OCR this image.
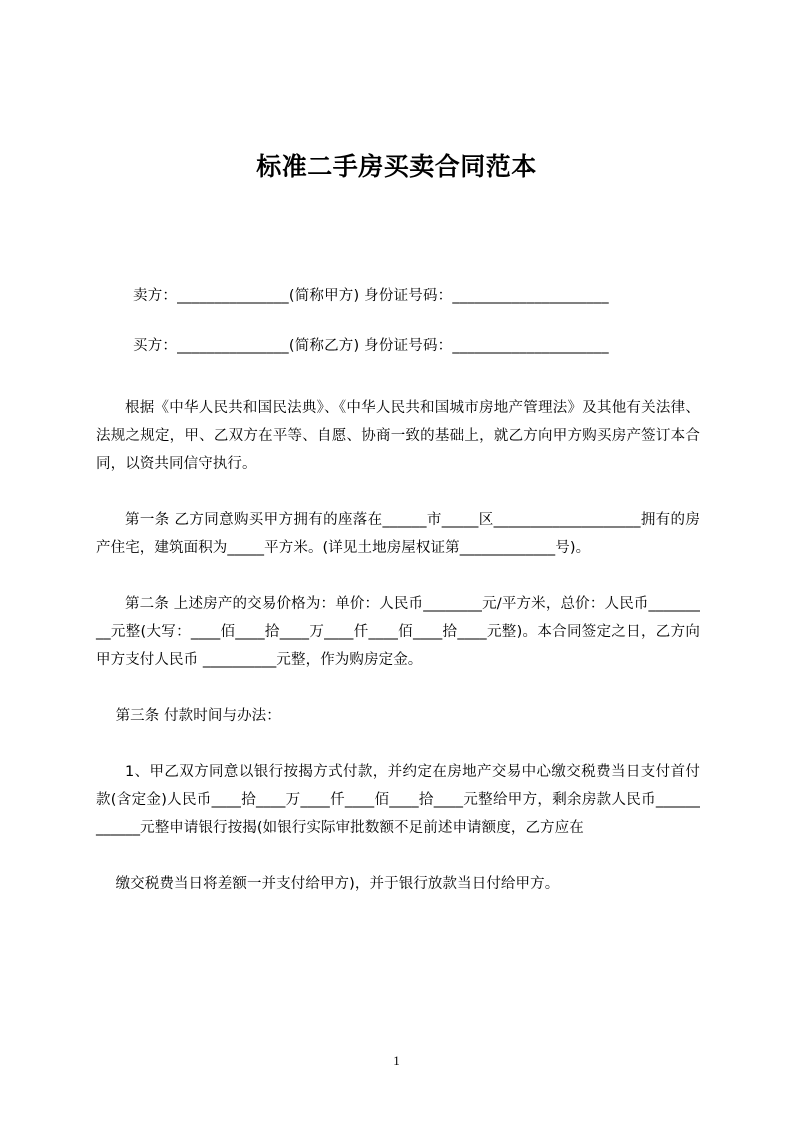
标准二手房买卖合同范本

卖方：_______________(简称甲方) 身份证号码：_____________________

买方：_______________(简称乙方) 身份证号码：_____________________

根据《中华人民共和国民法典》、《中华人民共和国城市房地产管理法》及其他有关法律、法规之规定，甲、乙双方在平等、自愿、协商一致的基础上，就乙方向甲方购买房产签订本合同，以资共同信守执行。

第一条 乙方同意购买甲方拥有的座落在______市_____区____________________拥有的房产住宅，建筑面积为_____平方米。(详见土地房屋权证第_____________号)。

第二条 上述房产的交易价格为：单价：人民币________元/平方米，总价：人民币_________元整(大写：____佰____拾____万____仟____佰____拾____元整)。本合同签定之日，乙方向甲方支付人民币 __________元整，作为购房定金。

第三条 付款时间与办法：

1、甲乙双方同意以银行按揭方式付款，并约定在房地产交易中心缴交税费当日支付首付款(含定金)人民币____拾____万____仟____佰____拾____元整给甲方，剩余房款人民币____________元整申请银行按揭(如银行实际审批数额不足前述申请额度，乙方应在

缴交税费当日将差额一并支付给甲方)，并于银行放款当日付给甲方。

1
